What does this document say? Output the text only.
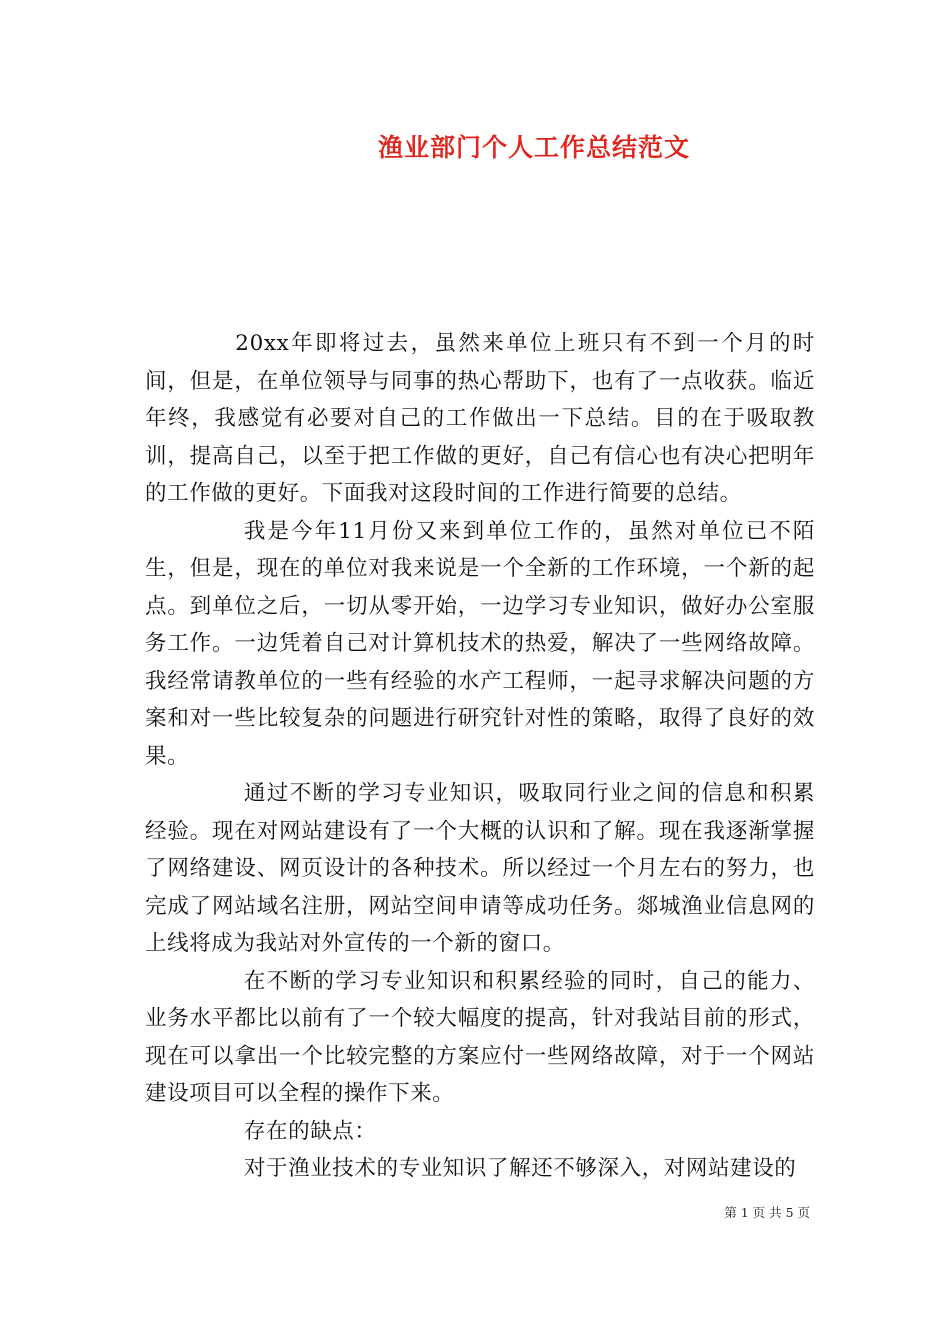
渔业部门个人工作总结范文

20xx年即将过去，虽然来单位上班只有不到一个月的时间，但是，在单位领导与同事的热心帮助下，也有了一点收获。临近年终，我感觉有必要对自己的工作做出一下总结。目的在于吸取教训，提高自己，以至于把工作做的更好，自己有信心也有决心把明年的工作做的更好。下面我对这段时间的工作进行简要的总结。

我是今年11月份又来到单位工作的，虽然对单位已不陌生，但是，现在的单位对我来说是一个全新的工作环境，一个新的起点。到单位之后，一切从零开始，一边学习专业知识，做好办公室服务工作。一边凭着自己对计算机技术的热爱，解决了一些网络故障。我经常请教单位的一些有经验的水产工程师，一起寻求解决问题的方案和对一些比较复杂的问题进行研究针对性的策略，取得了良好的效果。

通过不断的学习专业知识，吸取同行业之间的信息和积累经验。现在对网站建设有了一个大概的认识和了解。现在我逐渐掌握了网络建设、网页设计的各种技术。所以经过一个月左右的努力，也完成了网站域名注册，网站空间申请等成功任务。郯城渔业信息网的上线将成为我站对外宣传的一个新的窗口。

在不断的学习专业知识和积累经验的同时，自己的能力、业务水平都比以前有了一个较大幅度的提高，针对我站目前的形式，现在可以拿出一个比较完整的方案应付一些网络故障，对于一个网站建设项目可以全程的操作下来。

存在的缺点：

对于渔业技术的专业知识了解还不够深入，对网站建设的

第 1 页 共 5 页
